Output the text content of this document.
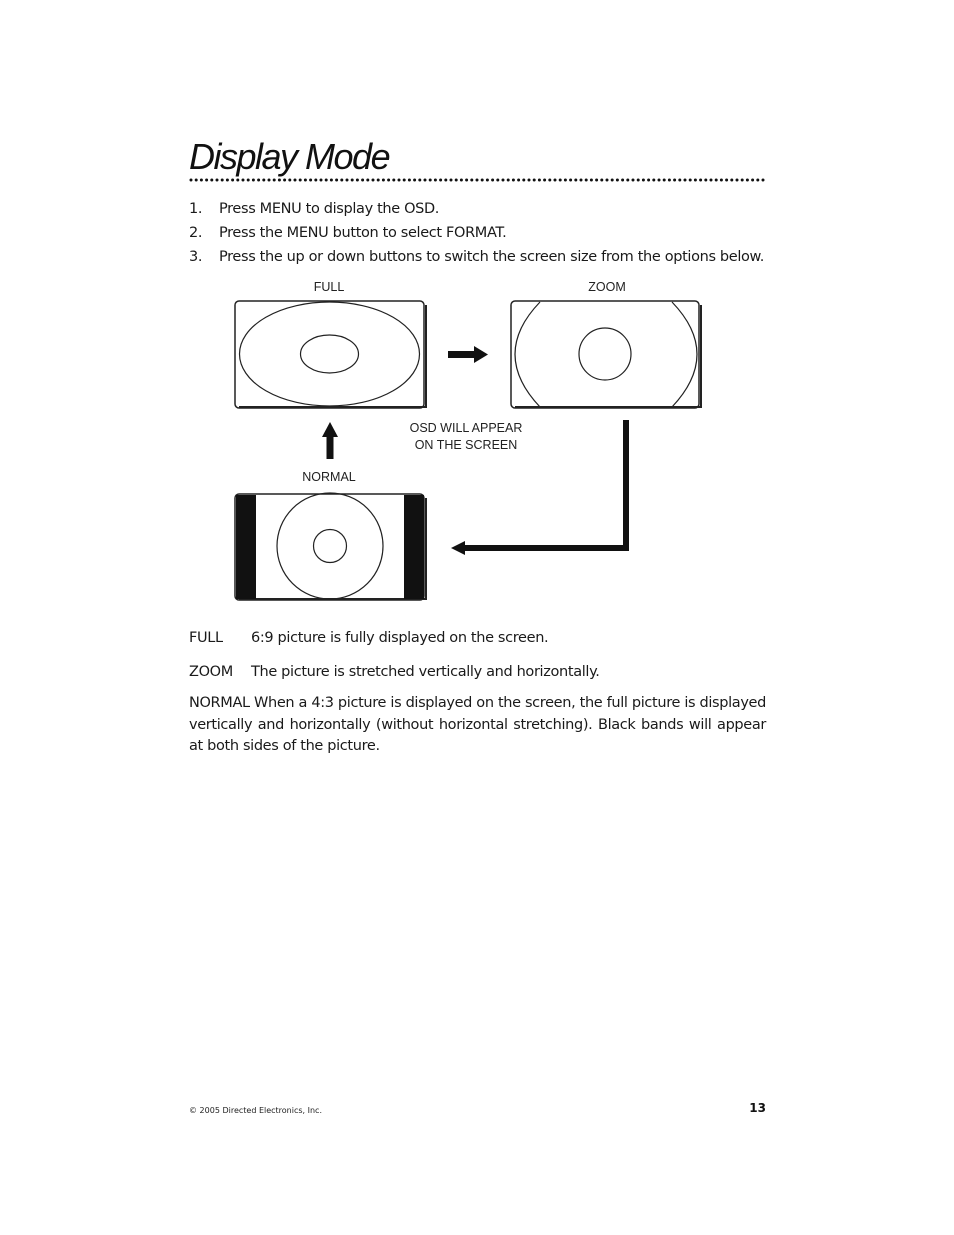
Display Mode
1. Press MENU to display the OSD.
2. Press the MENU button to select FORMAT.
3. Press the up or down buttons to switch the screen size from the options below.
FULL	ZOOM
NORMAL
OSD WILL APPEAR
ON THE SCREEN
FULL 6:9 picture is fully displayed on the screen.
ZOOM The picture is stretched vertically and horizontally.

NORMAL When a 4:3 picture is displayed on the screen, the full picture is displayed vertically and horizontally (without horizontal stretching). Black bands will appear at both sides of the picture.

© 2005 Directed Electronics, Inc.	13
